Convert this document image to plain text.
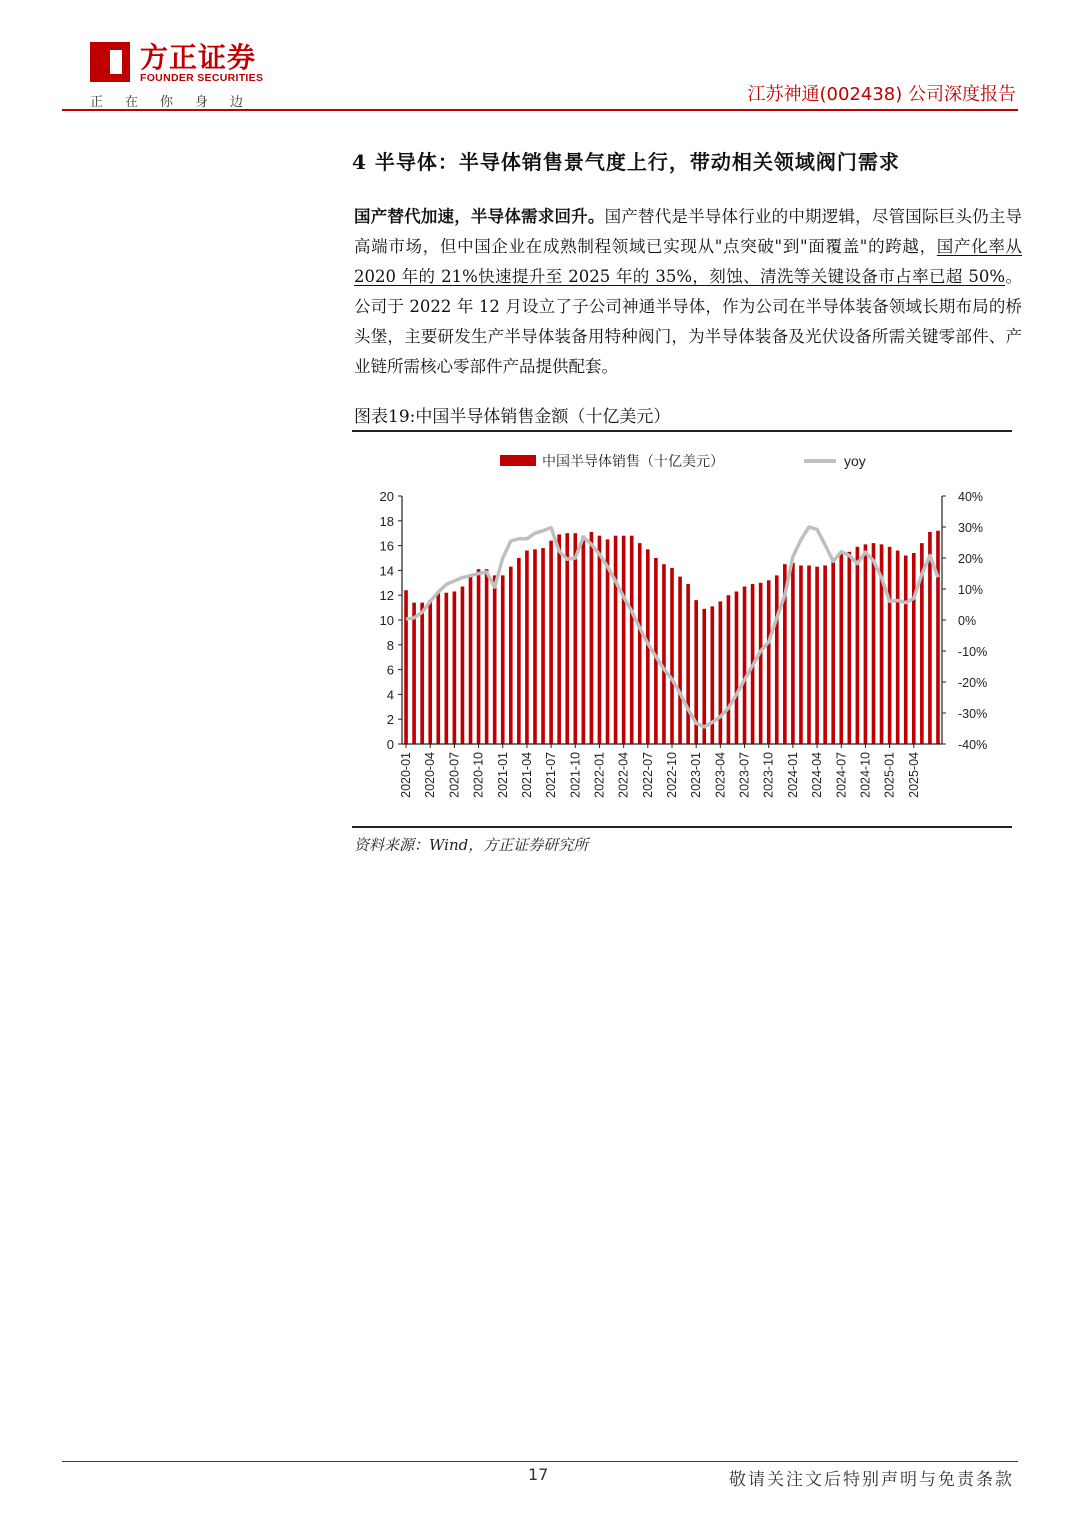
方正证券
FOUNDER SECURITIES
正在你身边	江苏神通(002438) 公司深度报告
4 半导体：半导体销售景气度上行，带动相关领域阀门需求
国产替代加速，半导体需求回升。国产替代是半导体行业的中期逻辑，尽管国际巨头仍主导高端市场，但中国企业在成熟制程领域已实现从"点突破"到"面覆盖"的跨越，国产化率从 2020 年的 21%快速提升至 2025 年的 35%，刻蚀、清洗等关键设备市占率已超 50%。公司于 2022 年 12 月设立了子公司神通半导体，作为公司在半导体装备领域长期布局的桥头堡，主要研发生产半导体装备用特种阀门，为半导体装备及光伏设备所需关键零部件、产业链所需核心零部件产品提供配套。
图表19:中国半导体销售金额（十亿美元）
中国半导体销售（十亿美元）	yoy
0
2
4
6
8
10
12
14
16
18
20
-40%
-30%
-20%
-10%
0%
10%
20%
30%
40%
2020-01 2020-04 2020-07 2020-10 2021-01 2021-04 2021-07 2021-10 2022-01 2022-04 2022-07 2022-10 2023-01 2023-04 2023-07 2023-10 2024-01 2024-04 2024-07 2024-10 2025-01 2025-04
资料来源：Wind，方正证券研究所
17	敬请关注文后特别声明与免责条款
